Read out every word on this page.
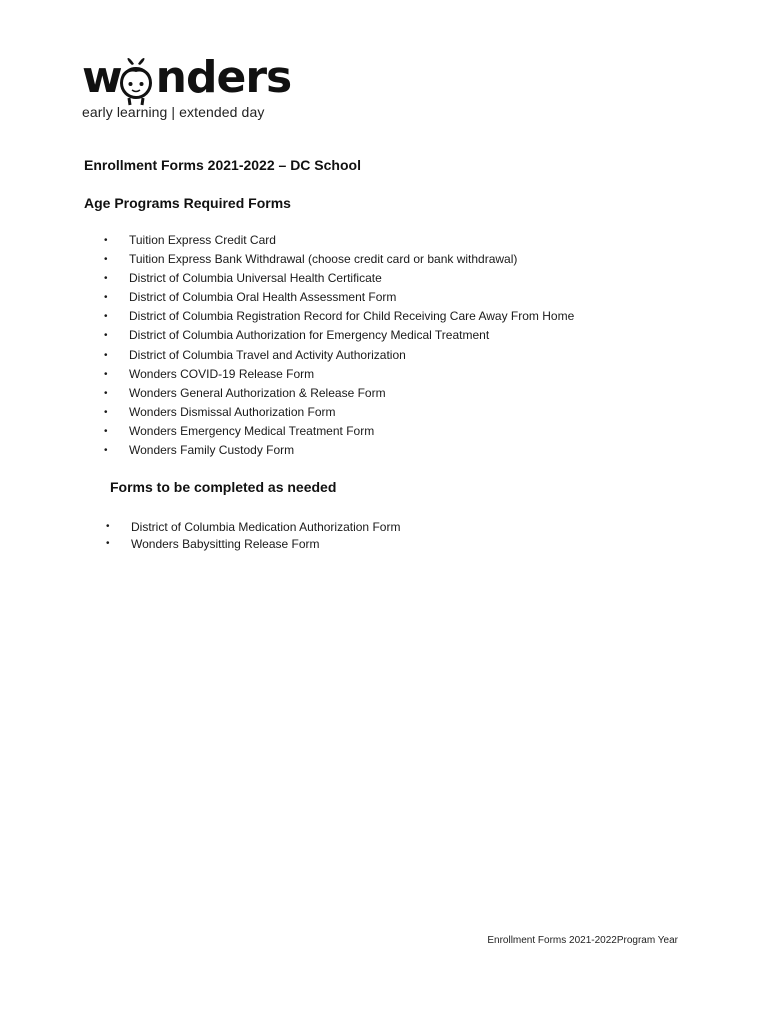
w nders
early learning | extended day
Enrollment Forms 2021-2022 – DC School
Age Programs Required Forms
• Tuition Express Credit Card
• Tuition Express Bank Withdrawal (choose credit card or bank withdrawal)
• District of Columbia Universal Health Certificate
• District of Columbia Oral Health Assessment Form
• District of Columbia Registration Record for Child Receiving Care Away From Home
• District of Columbia Authorization for Emergency Medical Treatment
• District of Columbia Travel and Activity Authorization
• Wonders COVID-19 Release Form
• Wonders General Authorization & Release Form
• Wonders Dismissal Authorization Form
• Wonders Emergency Medical Treatment Form
• Wonders Family Custody Form
Forms to be completed as needed
• District of Columbia Medication Authorization Form
• Wonders Babysitting Release Form
Enrollment Forms 2021-2022Program Year
